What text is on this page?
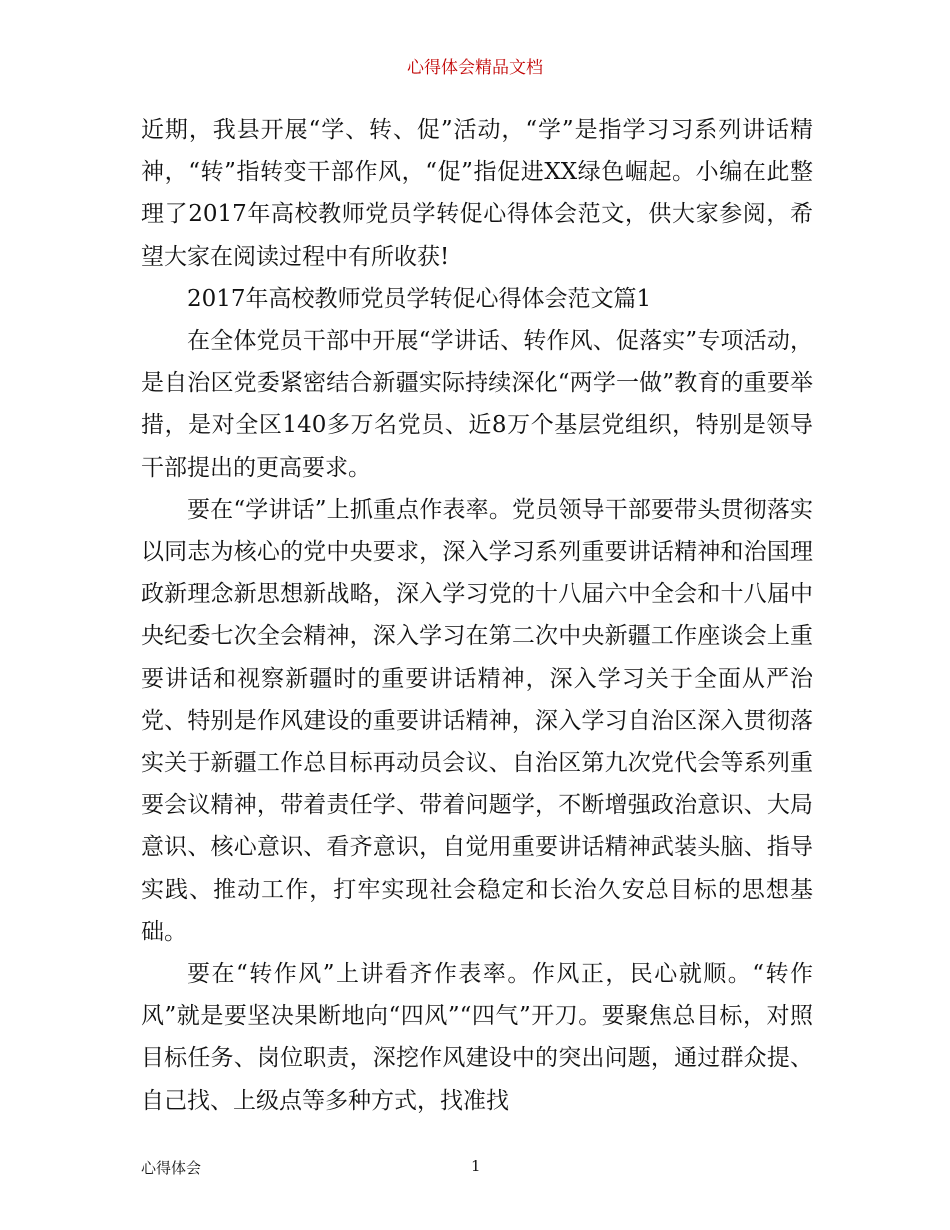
心得体会精品文档

近期，我县开展“学、转、促”活动，“学”是指学习习系列讲话精神，“转”指转变干部作风，“促”指促进XX绿色崛起。小编在此整理了2017年高校教师党员学转促心得体会范文，供大家参阅，希望大家在阅读过程中有所收获!

2017年高校教师党员学转促心得体会范文篇1

在全体党员干部中开展“学讲话、转作风、促落实”专项活动，是自治区党委紧密结合新疆实际持续深化“两学一做”教育的重要举措，是对全区140多万名党员、近8万个基层党组织，特别是领导干部提出的更高要求。

要在“学讲话”上抓重点作表率。党员领导干部要带头贯彻落实以同志为核心的党中央要求，深入学习系列重要讲话精神和治国理政新理念新思想新战略，深入学习党的十八届六中全会和十八届中央纪委七次全会精神，深入学习在第二次中央新疆工作座谈会上重要讲话和视察新疆时的重要讲话精神，深入学习关于全面从严治党、特别是作风建设的重要讲话精神，深入学习自治区深入贯彻落实关于新疆工作总目标再动员会议、自治区第九次党代会等系列重要会议精神，带着责任学、带着问题学，不断增强政治意识、大局意识、核心意识、看齐意识，自觉用重要讲话精神武装头脑、指导实践、推动工作，打牢实现社会稳定和长治久安总目标的思想基础。

要在“转作风”上讲看齐作表率。作风正，民心就顺。“转作风”就是要坚决果断地向“四风”“四气”开刀。要聚焦总目标，对照目标任务、岗位职责，深挖作风建设中的突出问题，通过群众提、自己找、上级点等多种方式，找准找

心得体会	1
